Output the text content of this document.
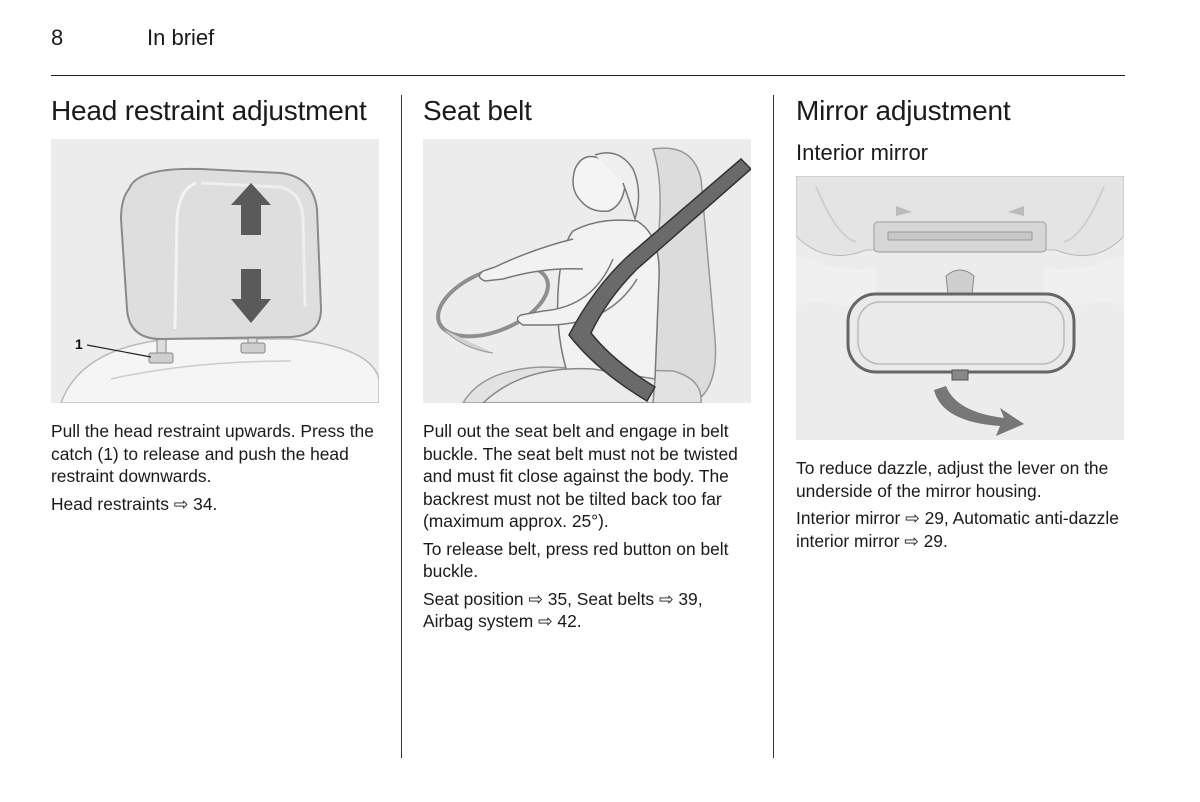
8	In brief
Head restraint adjustment
1

Pull the head restraint upwards. Press the catch (1) to release and push the head restraint downwards.

Head restraints ⇨ 34.

Seat belt

Pull out the seat belt and engage in belt buckle. The seat belt must not be twisted and must fit close against the body. The backrest must not be tilted back too far (maximum approx. 25°).

To release belt, press red button on belt buckle.

Seat position ⇨ 35, Seat belts ⇨ 39, Airbag system ⇨ 42.

Mirror adjustment
Interior mirror

To reduce dazzle, adjust the lever on the underside of the mirror housing.

Interior mirror ⇨ 29, Automatic anti-dazzle interior mirror ⇨ 29.
